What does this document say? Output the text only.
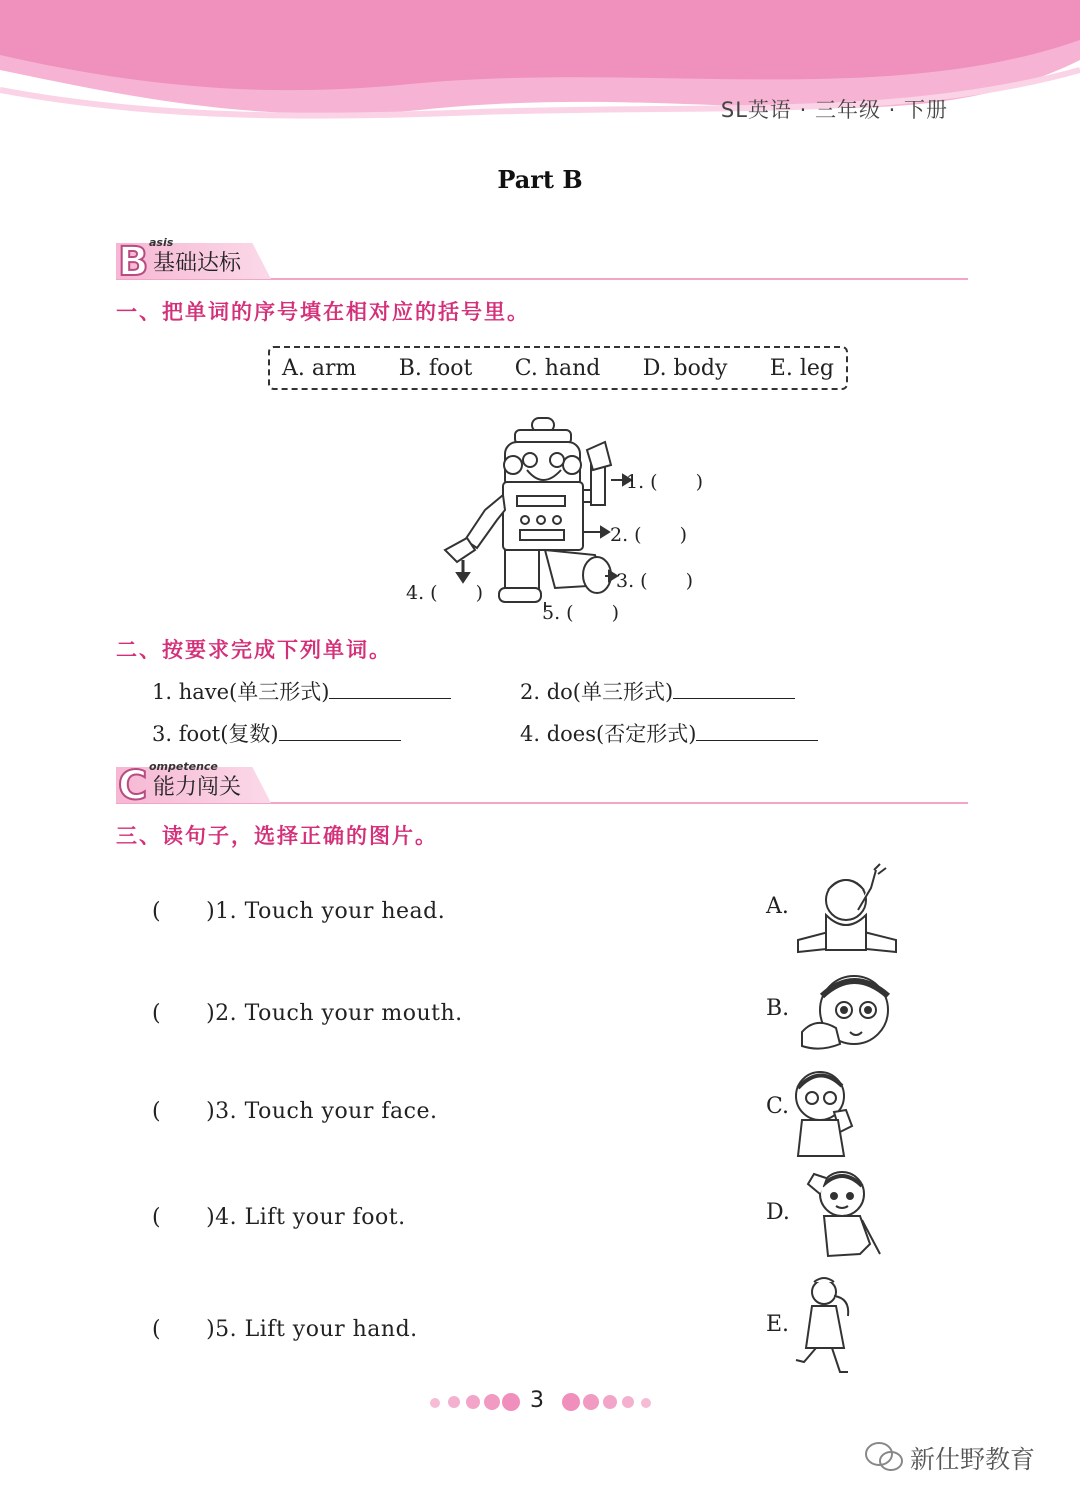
SL英语 · 三年级 · 下册
Part B
B asis
基础达标
一、把单词的序号填在相对应的括号里。
A. arm B. foot C. hand D. body E. leg
1. (　　)
2. (　　)
3. (　　)
4. (　　)
5. (　　)
二、按要求完成下列单词。
1. have(单三形式)	2. do(单三形式)
3. foot(复数)	4. does(否定形式)
C ompetence
能力闯关
三、读句子，选择正确的图片。
(　　)1. Touch your head.
(　　)2. Touch your mouth.
(　　)3. Touch your face.
(　　)4. Lift your foot.
(　　)5. Lift your hand.
A.
B.
C.
D.
E.
3
新仕野教育
